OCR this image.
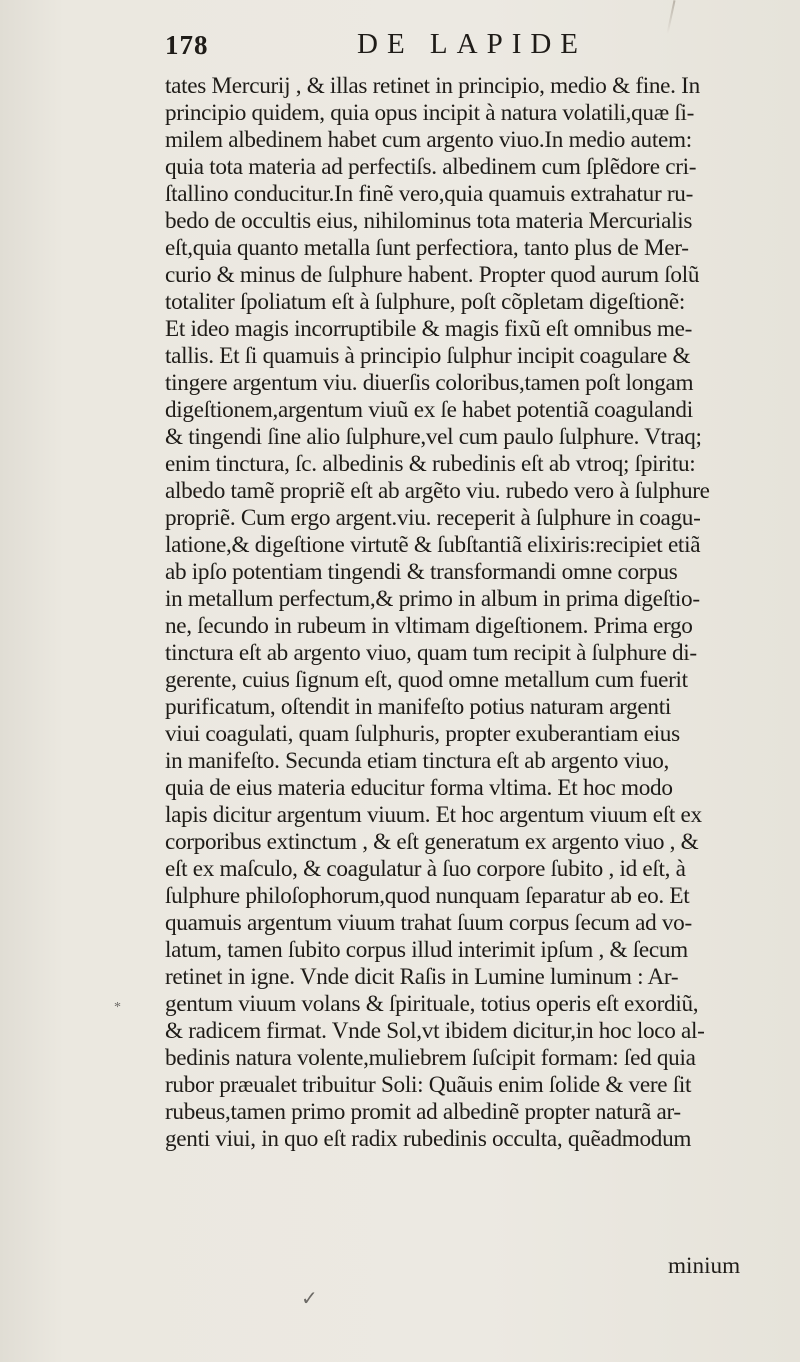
178	DE LAPIDE
tates Mercurij , & illas retinet in principio, medio & fine. In
principio quidem, quia opus incipit à natura volatili,quæ ſi-
milem albedinem habet cum argento viuo.In medio autem:
quia tota materia ad perfectiſs. albedinem cum ſplẽdore cri-
ſtallino conducitur.In finẽ vero,quia quamuis extrahatur ru-
bedo de occultis eius, nihilominus tota materia Mercurialis
eſt,quia quanto metalla ſunt perfectiora, tanto plus de Mer-
curio & minus de ſulphure habent. Propter quod aurum ſolũ
totaliter ſpoliatum eſt à ſulphure, poſt cõpletam digeſtionẽ:
Et ideo magis incorruptibile & magis fixũ eſt omnibus me-
tallis. Et ſi quamuis à principio ſulphur incipit coagulare &
tingere argentum viu. diuerſis coloribus,tamen poſt longam
digeſtionem,argentum viuũ ex ſe habet potentiã coagulandi
& tingendi ſine alio ſulphure,vel cum paulo ſulphure. Vtraq;
enim tinctura, ſc. albedinis & rubedinis eſt ab vtroq; ſpiritu:
albedo tamẽ propriẽ eſt ab argẽto viu. rubedo vero à ſulphure
propriẽ. Cum ergo argent.viu. receperit à ſulphure in coagu-
latione,& digeſtione virtutẽ & ſubſtantiã elixiris:recipiet etiã
ab ipſo potentiam tingendi & transformandi omne corpus
in metallum perfectum,& primo in album in prima digeſtio-
ne, ſecundo in rubeum in vltimam digeſtionem. Prima ergo
tinctura eſt ab argento viuo, quam tum recipit à ſulphure di-
gerente, cuius ſignum eſt, quod omne metallum cum fuerit
purificatum, oſtendit in manifeſto potius naturam argenti
viui coagulati, quam ſulphuris, propter exuberantiam eius
in manifeſto. Secunda etiam tinctura eſt ab argento viuo,
quia de eius materia educitur forma vltima. Et hoc modo
lapis dicitur argentum viuum. Et hoc argentum viuum eſt ex
corporibus extinctum , & eſt generatum ex argento viuo , &
eſt ex maſculo, & coagulatur à ſuo corpore ſubito , id eſt, à
ſulphure philoſophorum,quod nunquam ſeparatur ab eo. Et
quamuis argentum viuum trahat ſuum corpus ſecum ad vo-
latum, tamen ſubito corpus illud interimit ipſum , & ſecum
retinet in igne. Vnde dicit Raſis in Lumine luminum : Ar-
gentum viuum volans & ſpirituale, totius operis eſt exordiũ,
& radicem firmat. Vnde Sol,vt ibidem dicitur,in hoc loco al-
bedinis natura volente,muliebrem ſuſcipit formam: ſed quia
rubor præualet tribuitur Soli: Quãuis enim ſolide & vere ſit
rubeus,tamen primo promit ad albedinẽ propter naturã ar-
genti viui, in quo eſt radix rubedinis occulta, quẽadmodum
minium
✓
*
